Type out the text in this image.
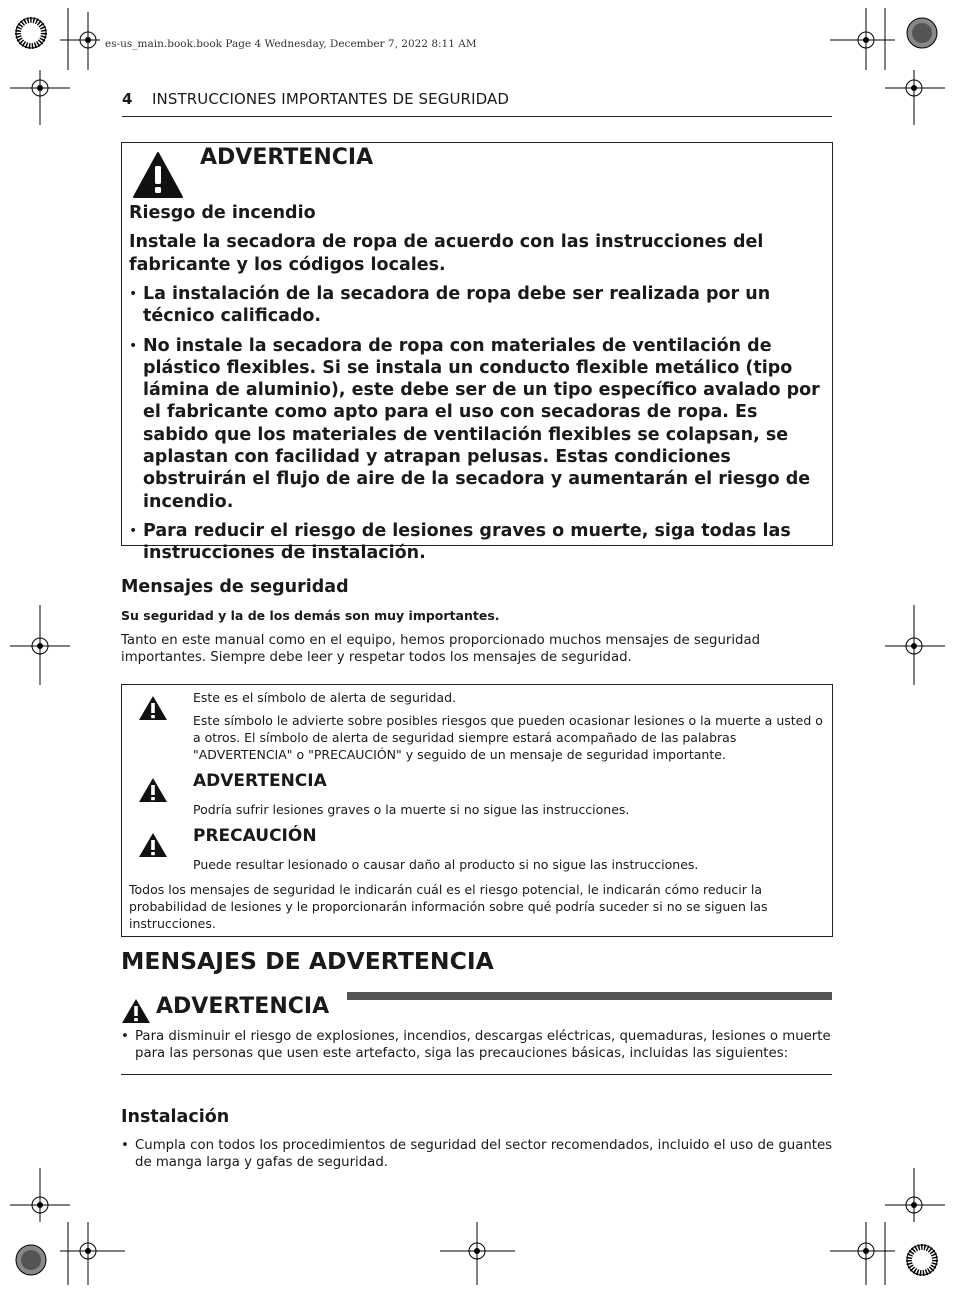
es-us_main.book.book Page 4 Wednesday, December 7, 2022 8:11 AM
4 INSTRUCCIONES IMPORTANTES DE SEGURIDAD
ADVERTENCIA
Riesgo de incendio
Instale la secadora de ropa de acuerdo con las instrucciones del fabricante y los códigos locales.
• La instalación de la secadora de ropa debe ser realizada por un técnico calificado.
• No instale la secadora de ropa con materiales de ventilación de plástico flexibles. Si se instala un conducto flexible metálico (tipo lámina de aluminio), este debe ser de un tipo específico avalado por el fabricante como apto para el uso con secadoras de ropa. Es sabido que los materiales de ventilación flexibles se colapsan, se aplastan con facilidad y atrapan pelusas. Estas condiciones obstruirán el flujo de aire de la secadora y aumentarán el riesgo de incendio.
• Para reducir el riesgo de lesiones graves o muerte, siga todas las instrucciones de instalación.
Mensajes de seguridad
Su seguridad y la de los demás son muy importantes.
Tanto en este manual como en el equipo, hemos proporcionado muchos mensajes de seguridad importantes. Siempre debe leer y respetar todos los mensajes de seguridad.
Este es el símbolo de alerta de seguridad.
Este símbolo le advierte sobre posibles riesgos que pueden ocasionar lesiones o la muerte a usted o a otros. El símbolo de alerta de seguridad siempre estará acompañado de las palabras "ADVERTENCIA" o "PRECAUCIÓN" y seguido de un mensaje de seguridad importante.
ADVERTENCIA
Podría sufrir lesiones graves o la muerte si no sigue las instrucciones.
PRECAUCIÓN
Puede resultar lesionado o causar daño al producto si no sigue las instrucciones.
Todos los mensajes de seguridad le indicarán cuál es el riesgo potencial, le indicarán cómo reducir la probabilidad de lesiones y le proporcionarán información sobre qué podría suceder si no se siguen las instrucciones.
MENSAJES DE ADVERTENCIA
ADVERTENCIA
• Para disminuir el riesgo de explosiones, incendios, descargas eléctricas, quemaduras, lesiones o muerte para las personas que usen este artefacto, siga las precauciones básicas, incluidas las siguientes:
Instalación
• Cumpla con todos los procedimientos de seguridad del sector recomendados, incluido el uso de guantes de manga larga y gafas de seguridad.
